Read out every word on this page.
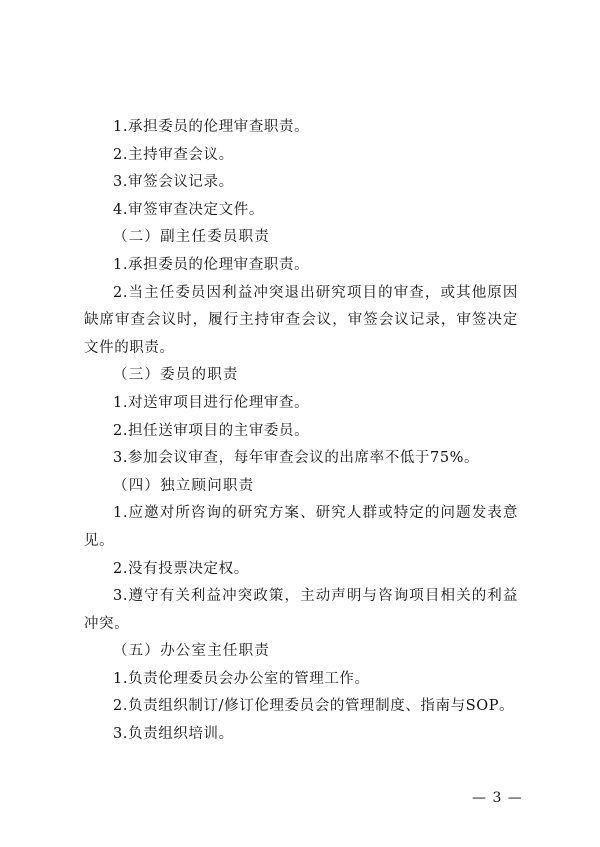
1.承担委员的伦理审查职责。

2.主持审查会议。

3.审签会议记录。

4.审签审查决定文件。

（二）副主任委员职责

1.承担委员的伦理审查职责。

2.当主任委员因利益冲突退出研究项目的审查，或其他原因缺席审查会议时，履行主持审查会议，审签会议记录，审签决定文件的职责。

（三）委员的职责

1.对送审项目进行伦理审查。

2.担任送审项目的主审委员。

3.参加会议审查，每年审查会议的出席率不低于75%。

（四）独立顾问职责

1.应邀对所咨询的研究方案、研究人群或特定的问题发表意见。

2.没有投票决定权。

3.遵守有关利益冲突政策，主动声明与咨询项目相关的利益冲突。

（五）办公室主任职责

1.负责伦理委员会办公室的管理工作。

2.负责组织制订/修订伦理委员会的管理制度、指南与SOP。

3.负责组织培训。

— 3 —
